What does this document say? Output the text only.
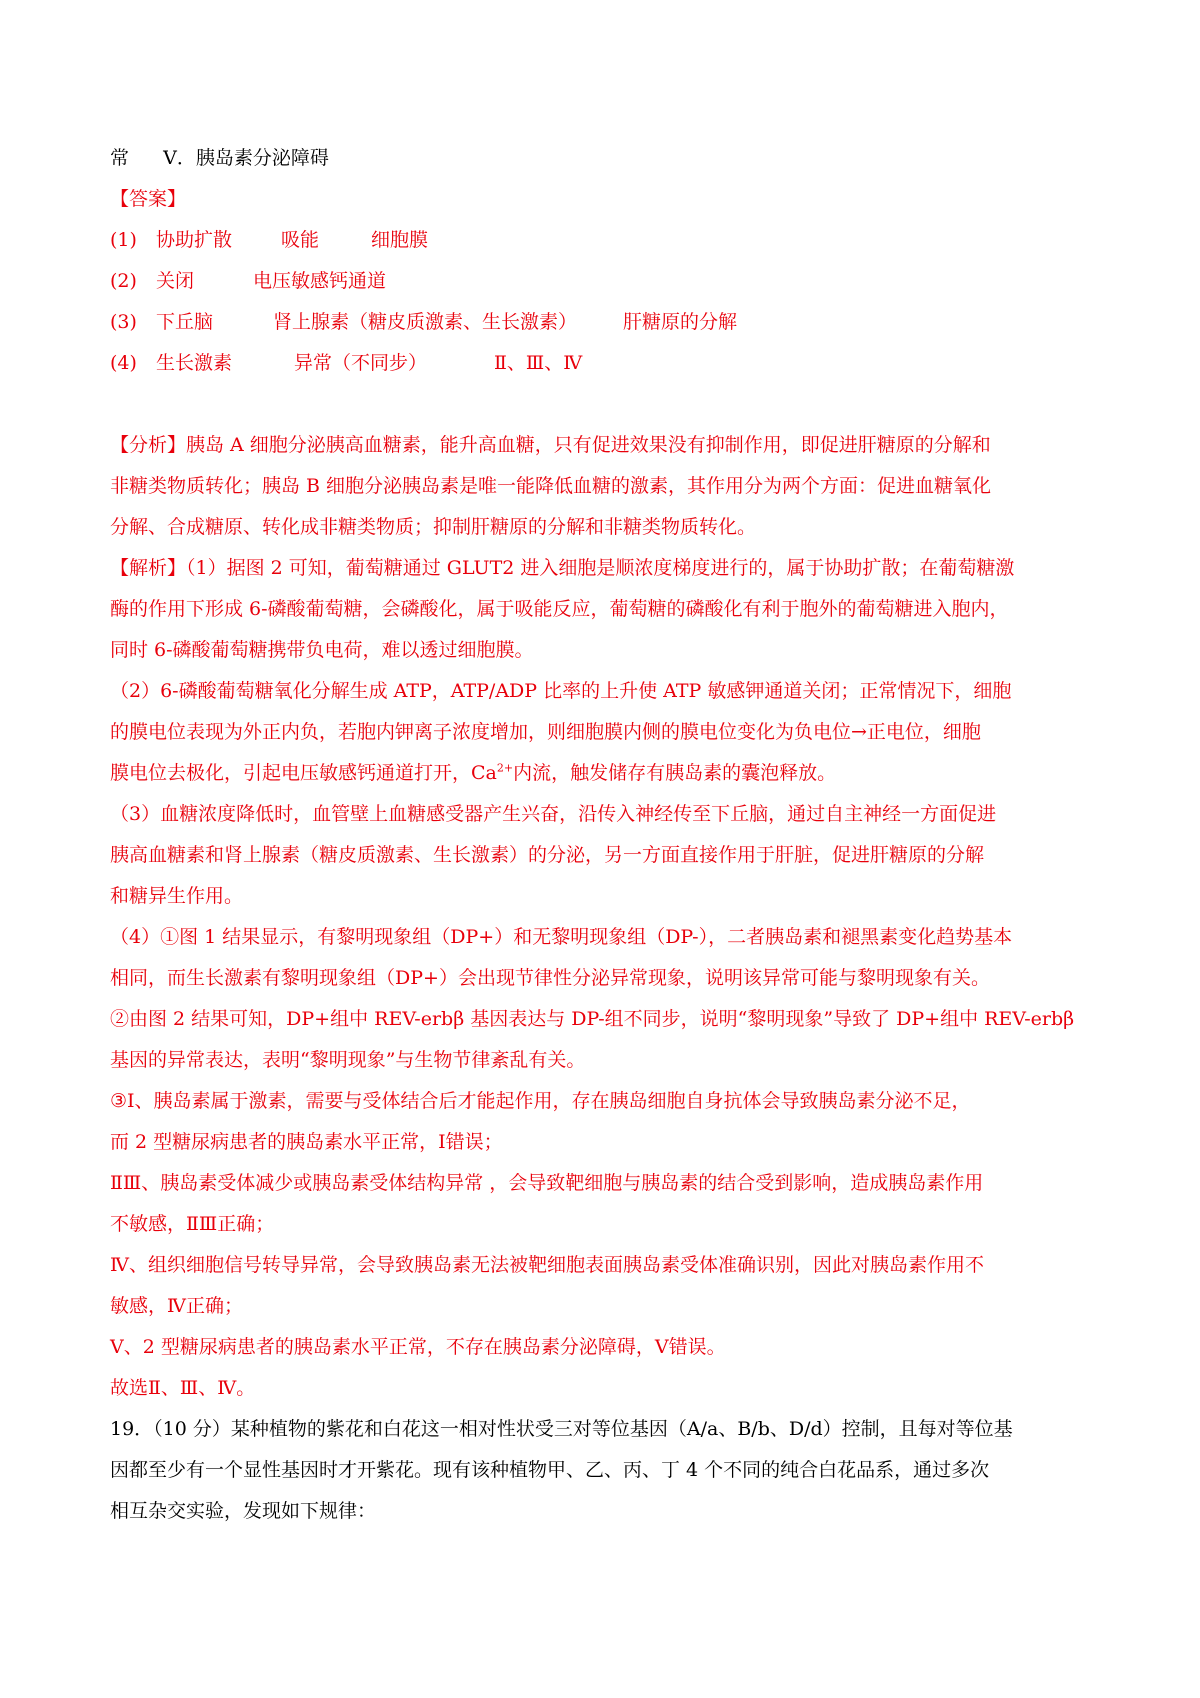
常 Ⅴ．胰岛素分泌障碍
【答案】
(1)	协助扩散	吸能	细胞膜
(2)	关闭	电压敏感钙通道
(3)	下丘脑	肾上腺素（糖皮质激素、生长激素）	肝糖原的分解
(4)	生长激素	异常（不同步）	Ⅱ、Ⅲ、Ⅳ
【分析】胰岛 A 细胞分泌胰高血糖素，能升高血糖，只有促进效果没有抑制作用，即促进肝糖原的分解和
非糖类物质转化；胰岛 B 细胞分泌胰岛素是唯一能降低血糖的激素，其作用分为两个方面：促进血糖氧化
分解、合成糖原、转化成非糖类物质；抑制肝糖原的分解和非糖类物质转化。
【解析】（1）据图 2 可知，葡萄糖通过 GLUT2 进入细胞是顺浓度梯度进行的，属于协助扩散；在葡萄糖激
酶的作用下形成 6-磷酸葡萄糖，会磷酸化，属于吸能反应，葡萄糖的磷酸化有利于胞外的葡萄糖进入胞内，
同时 6-磷酸葡萄糖携带负电荷，难以透过细胞膜。
（2）6-磷酸葡萄糖氧化分解生成 ATP，ATP/ADP 比率的上升使 ATP 敏感钾通道关闭；正常情况下，细胞
的膜电位表现为外正内负，若胞内钾离子浓度增加，则细胞膜内侧的膜电位变化为负电位→正电位，细胞
膜电位去极化，引起电压敏感钙通道打开，$Ca^{2+}$内流，触发储存有胰岛素的囊泡释放。
（3）血糖浓度降低时，血管壁上血糖感受器产生兴奋，沿传入神经传至下丘脑，通过自主神经一方面促进
胰高血糖素和肾上腺素（糖皮质激素、生长激素）的分泌，另一方面直接作用于肝脏，促进肝糖原的分解
和糖异生作用。
（4）①图 1 结果显示，有黎明现象组（DP+）和无黎明现象组（DP-），二者胰岛素和褪黑素变化趋势基本
相同，而生长激素有黎明现象组（DP+）会出现节律性分泌异常现象，说明该异常可能与黎明现象有关。
②由图 2 结果可知，DP+组中 REV-erbβ 基因表达与 DP-组不同步，说明“黎明现象”导致了 DP+组中 REV-erbβ
基因的异常表达，表明“黎明现象”与生物节律紊乱有关。
③Ⅰ、胰岛素属于激素，需要与受体结合后才能起作用，存在胰岛细胞自身抗体会导致胰岛素分泌不足，
而 2 型糖尿病患者的胰岛素水平正常，Ⅰ错误；
ⅡⅢ、胰岛素受体减少或胰岛素受体结构异常 ，会导致靶细胞与胰岛素的结合受到影响，造成胰岛素作用
不敏感，ⅡⅢ正确；
Ⅳ、组织细胞信号转导异常，会导致胰岛素无法被靶细胞表面胰岛素受体准确识别，因此对胰岛素作用不
敏感，Ⅳ正确；
Ⅴ、2 型糖尿病患者的胰岛素水平正常，不存在胰岛素分泌障碍，Ⅴ错误。
故选Ⅱ、Ⅲ、Ⅳ。
19．（10 分）某种植物的紫花和白花这一相对性状受三对等位基因（A/a、B/b、D/d）控制，且每对等位基
因都至少有一个显性基因时才开紫花。现有该种植物甲、乙、丙、丁 4 个不同的纯合白花品系，通过多次
相互杂交实验，发现如下规律：
